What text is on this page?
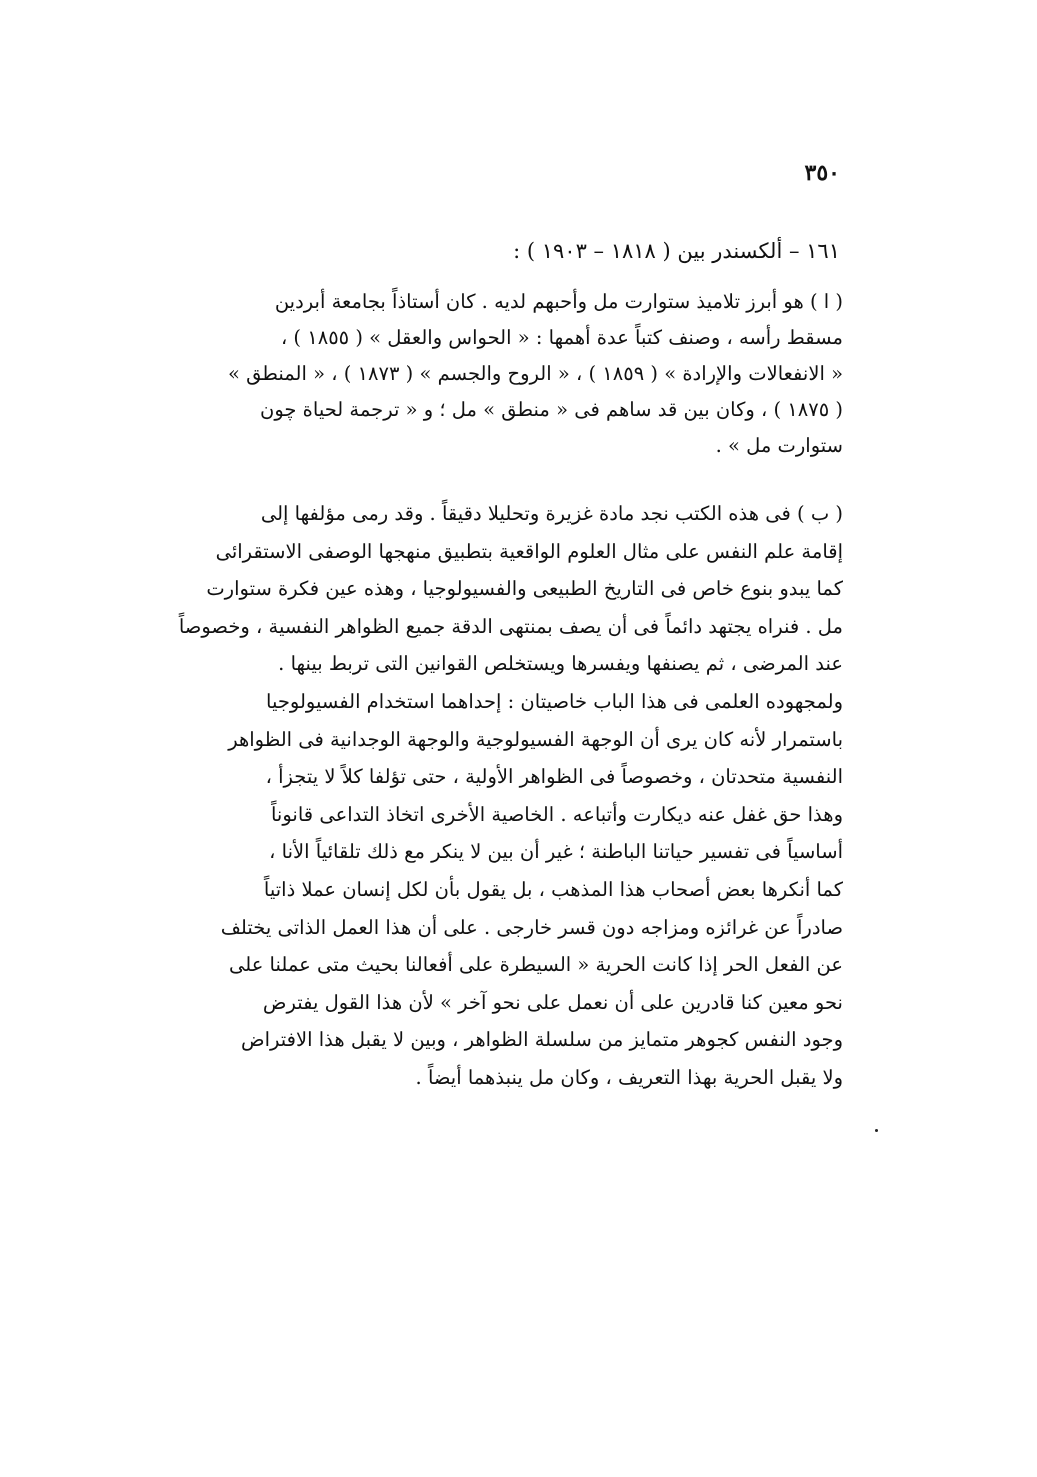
٣٥٠
١٦١ – ألكسندر بين ( ١٨١٨ – ١٩٠٣ ) :
( ا ) هو أبرز تلاميذ ستوارت مل وأحبهم لديه . كان أستاذاً بجامعة أبردين
مسقط رأسه ، وصنف كتباً عدة أهمها : « الحواس والعقل » ( ١٨٥٥ ) ،
« الانفعالات والإرادة » ( ١٨٥٩ ) ، « الروح والجسم » ( ١٨٧٣ ) ، « المنطق »
( ١٨٧٥ ) ، وكان بين قد ساهم فى « منطق » مل ؛ و « ترجمة لحياة چون
ستوارت مل » .
( ب ) فى هذه الكتب نجد مادة غزيرة وتحليلا دقيقاً . وقد رمى مؤلفها إلى
إقامة علم النفس على مثال العلوم الواقعية بتطبيق منهجها الوصفى الاستقرائى
كما يبدو بنوع خاص فى التاريخ الطبيعى والفسيولوجيا ، وهذه عين فكرة ستوارت
مل . فنراه يجتهد دائماً فى أن يصف بمنتهى الدقة جميع الظواهر النفسية ، وخصوصاً
عند المرضى ، ثم يصنفها ويفسرها ويستخلص القوانين التى تربط بينها .
ولمجهوده العلمى فى هذا الباب خاصيتان : إحداهما استخدام الفسيولوجيا
باستمرار لأنه كان يرى أن الوجهة الفسيولوجية والوجهة الوجدانية فى الظواهر
النفسية متحدتان ، وخصوصاً فى الظواهر الأولية ، حتى تؤلفا كلاً لا يتجزأ ،
وهذا حق غفل عنه ديكارت وأتباعه . الخاصية الأخرى اتخاذ التداعى قانوناً
أساسياً فى تفسير حياتنا الباطنة ؛ غير أن بين لا ينكر مع ذلك تلقائياً الأنا ،
كما أنكرها بعض أصحاب هذا المذهب ، بل يقول بأن لكل إنسان عملا ذاتياً
صادراً عن غرائزه ومزاجه دون قسر خارجى . على أن هذا العمل الذاتى يختلف
عن الفعل الحر إذا كانت الحرية « السيطرة على أفعالنا بحيث متى عملنا على
نحو معين كنا قادرين على أن نعمل على نحو آخر » لأن هذا القول يفترض
وجود النفس كجوهر متمايز من سلسلة الظواهر ، وبين لا يقبل هذا الافتراض
ولا يقبل الحرية بهذا التعريف ، وكان مل ينبذهما أيضاً .
